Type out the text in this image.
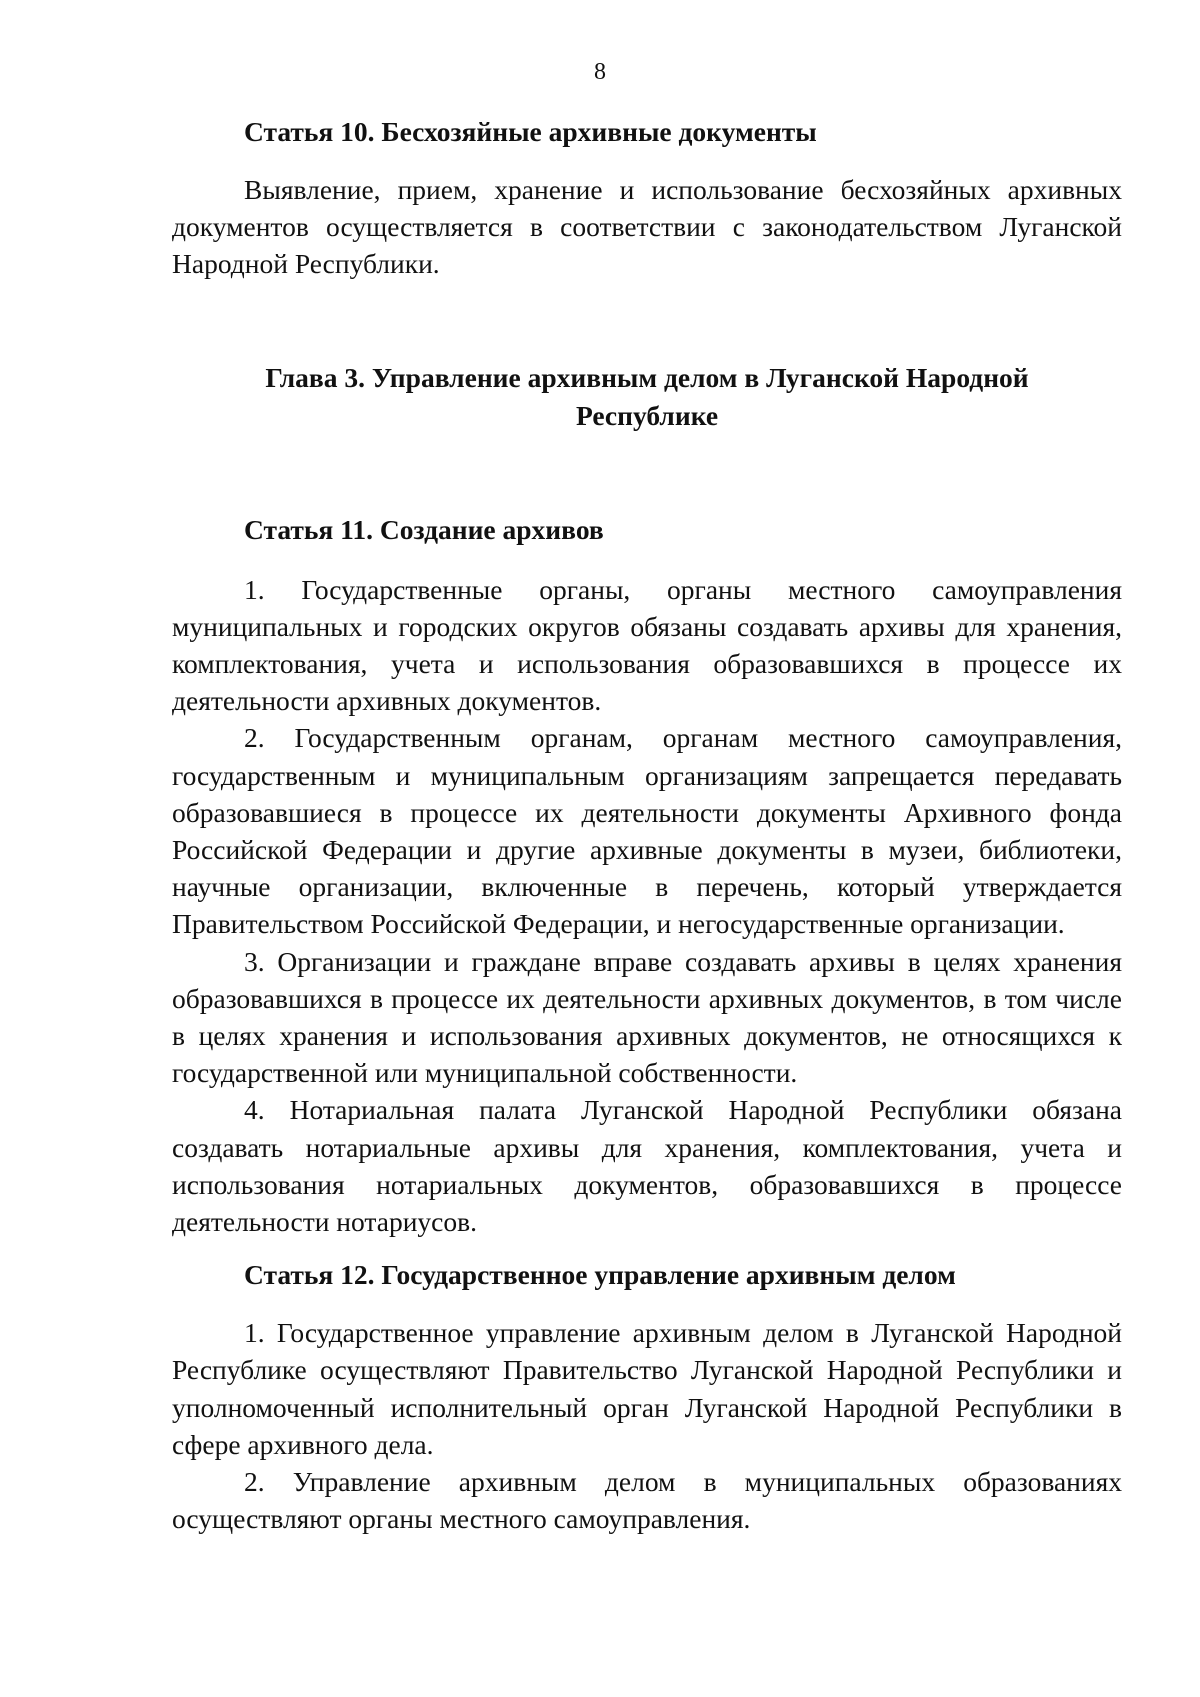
8
Статья 10. Бесхозяйные архивные документы

Выявление, прием, хранение и использование бесхозяйных архивных документов осуществляется в соответствии с законодательством Луганской Народной Республики.

Глава 3. Управление архивным делом в Луганской Народной
Республике
Статья 11. Создание архивов

1. Государственные органы, органы местного самоуправления муниципальных и городских округов обязаны создавать архивы для хранения, комплектования, учета и использования образовавшихся в процессе их деятельности архивных документов.

2. Государственным органам, органам местного самоуправления, государственным и муниципальным организациям запрещается передавать образовавшиеся в процессе их деятельности документы Архивного фонда Российской Федерации и другие архивные документы в музеи, библиотеки, научные организации, включенные в перечень, который утверждается Правительством Российской Федерации, и негосударственные организации.

3. Организации и граждане вправе создавать архивы в целях хранения образовавшихся в процессе их деятельности архивных документов, в том числе в целях хранения и использования архивных документов, не относящихся к государственной или муниципальной собственности.

4. Нотариальная палата Луганской Народной Республики обязана создавать нотариальные архивы для хранения, комплектования, учета и использования нотариальных документов, образовавшихся в процессе деятельности нотариусов.

Статья 12. Государственное управление архивным делом

1. Государственное управление архивным делом в Луганской Народной Республике осуществляют Правительство Луганской Народной Республики и уполномоченный исполнительный орган Луганской Народной Республики в сфере архивного дела.

2. Управление архивным делом в муниципальных образованиях осуществляют органы местного самоуправления.
